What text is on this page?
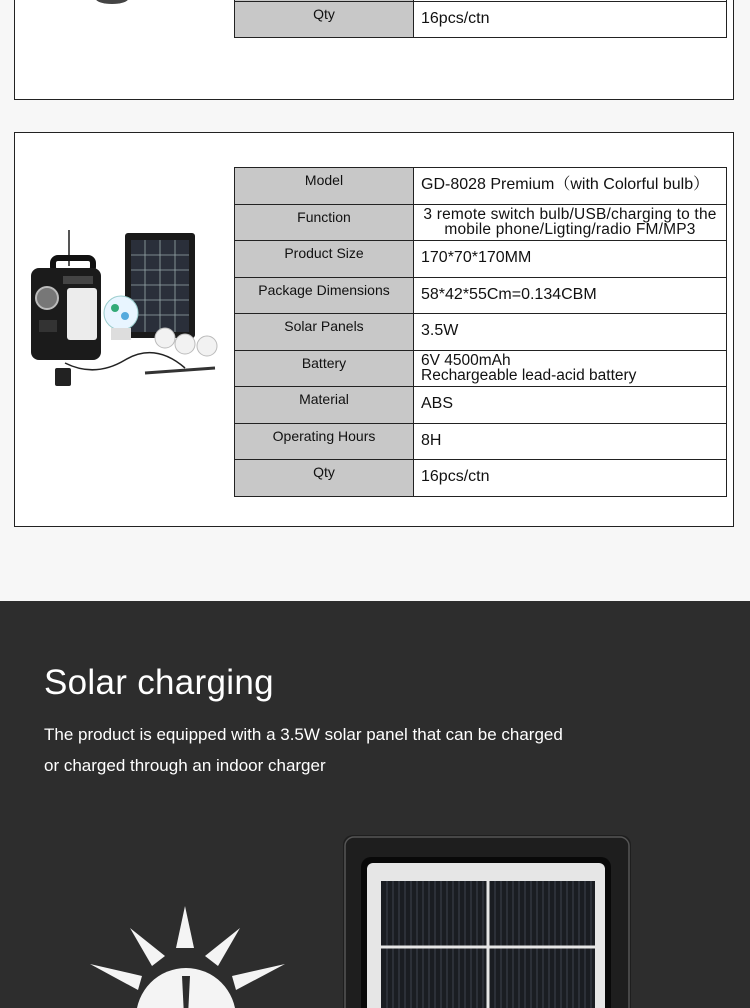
Qty	16pcs/ctn
Model	GD-8028 Premium（with Colorful bulb）
Function	3 remote switch bulb/USB/charging to the mobile phone/Ligting/radio FM/MP3
Product Size	170*70*170MM
Package Dimensions	58*42*55Cm=0.134CBM
Solar Panels	3.5W
Battery	6V 4500mAh
Rechargeable lead-acid battery
Material	ABS
Operating Hours	8H
Qty	16pcs/ctn
Solar charging

The product is equipped with a 3.5W solar panel that can be charged

or charged through an indoor charger
